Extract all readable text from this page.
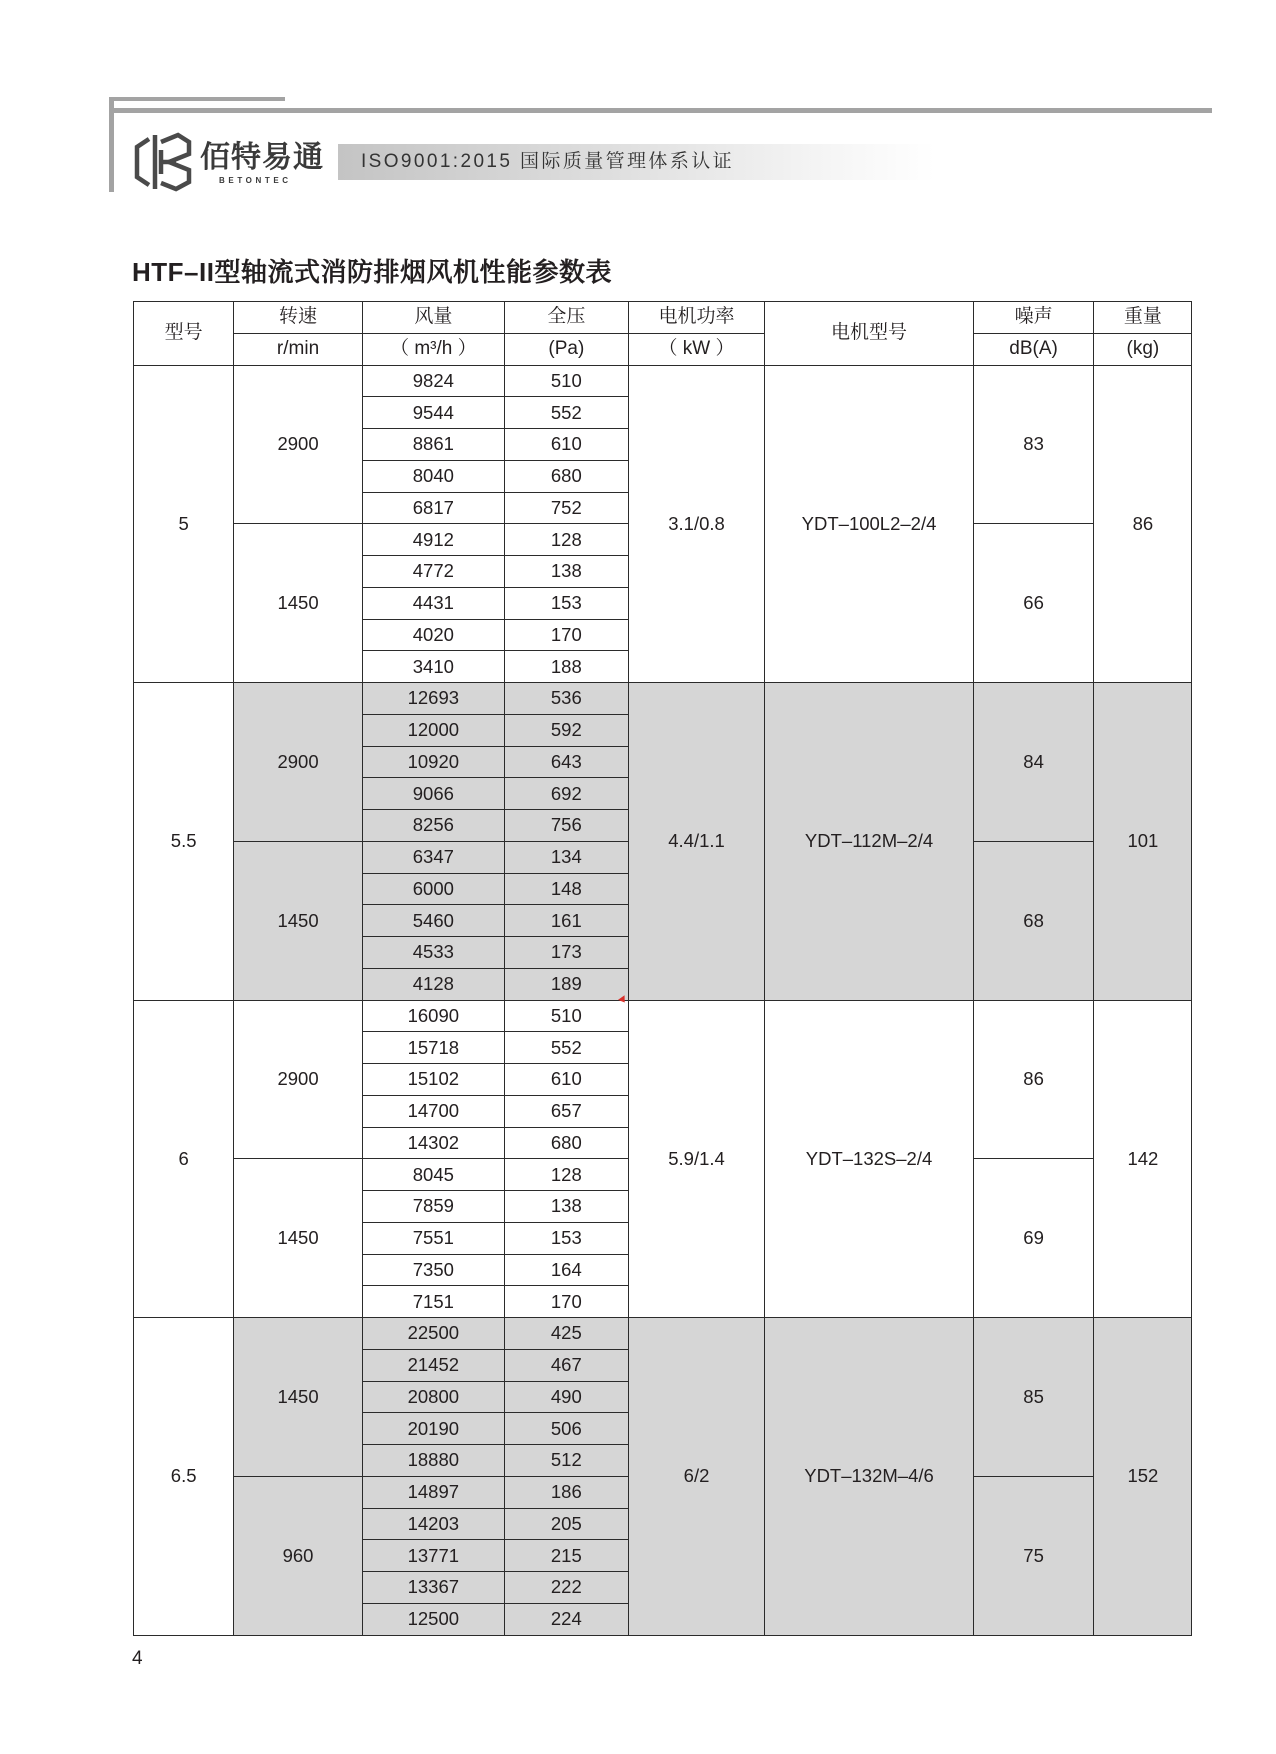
佰特易通
BETONTEC
ISO9001:2015 国际质量管理体系认证
HTF–II型轴流式消防排烟风机性能参数表
型号	转速	风量	全压	电机功率	电机型号	噪声	重量
	r/min	（ m³/h ）	(Pa)	（ kW ）		dB(A)	(kg)
5	2900	9824	510	3.1/0.8	YDT–100L2–2/4	83	86
		9544	552				
		8861	610				
		8040	680				
		6817	752				
	1450	4912	128			66	
		4772	138				
		4431	153				
		4020	170				
		3410	188				
5.5	2900	12693	536	4.4/1.1	YDT–112M–2/4	84	101
		12000	592				
		10920	643				
		9066	692				
		8256	756				
	1450	6347	134			68	
		6000	148				
		5460	161				
		4533	173				
		4128	189				
6	2900	16090	510	5.9/1.4	YDT–132S–2/4	86	142
		15718	552				
		15102	610				
		14700	657				
		14302	680				
	1450	8045	128			69	
		7859	138				
		7551	153				
		7350	164				
		7151	170				
6.5	1450	22500	425	6/2	YDT–132M–4/6	85	152
		21452	467				
		20800	490				
		20190	506				
		18880	512				
	960	14897	186			75	
		14203	205				
		13771	215				
		13367	222				
		12500	224				
4
